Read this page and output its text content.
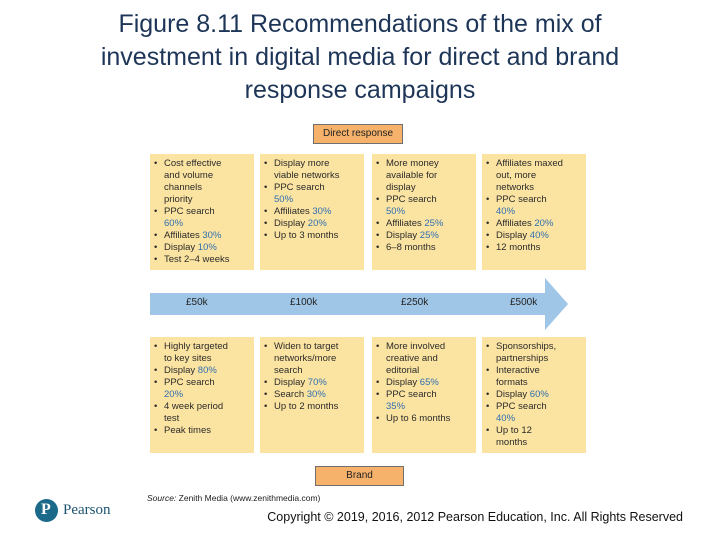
Figure 8.11 Recommendations of the mix of
investment in digital media for direct and brand
response campaigns
Direct response
• Cost effective
and volume
channels
priority
• PPC search
60%
• Affiliates 30%
• Display 10%
• Test 2–4 weeks
• Display more
viable networks
• PPC search
50%
• Affiliates 30%
• Display 20%
• Up to 3 months
• More money
available for
display
• PPC search
50%
• Affiliates 25%
• Display 25%
• 6–8 months
• Affiliates maxed
out, more
networks
• PPC search
40%
• Affiliates 20%
• Display 40%
• 12 months
£50k	£100k	£250k	£500k
• Highly targeted
to key sites
• Display 80%
• PPC search
20%
• 4 week period
test
• Peak times
• Widen to target
networks/more
search
• Display 70%
• Search 30%
• Up to 2 months
• More involved
creative and
editorial
• Display 65%
• PPC search
35%
• Up to 6 months
• Sponsorships,
partnerships
• Interactive
formats
• Display 60%
• PPC search
40%
• Up to 12
months
Brand
Source: Zenith Media (www.zenithmedia.com)
P
Pearson	Copyright © 2019, 2016, 2012 Pearson Education, Inc. All Rights Reserved
